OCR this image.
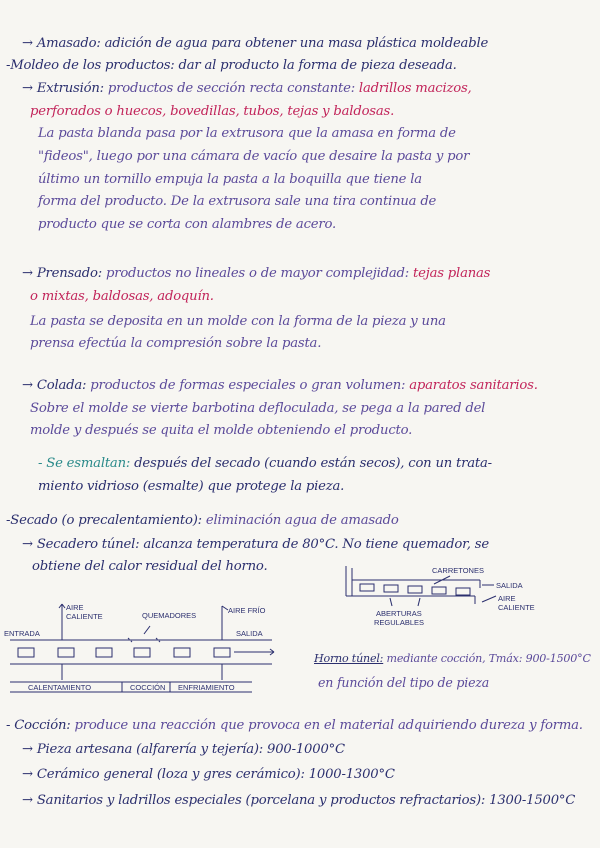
→ Amasado: adición de agua para obtener una masa plástica moldeable
-Moldeo de los productos: dar al producto la forma de pieza deseada.
→ Extrusión: productos de sección recta constante: ladrillos macizos,
perforados o huecos, bovedillas, tubos, tejas y baldosas.
La pasta blanda pasa por la extrusora que la amasa en forma de
"fideos", luego por una cámara de vacío que desaire la pasta y por
último un tornillo empuja la pasta a la boquilla que tiene la
forma del producto. De la extrusora sale una tira continua de
producto que se corta con alambres de acero.
→ Prensado: productos no lineales o de mayor complejidad: tejas planas
o mixtas, baldosas, adoquín.
La pasta se deposita en un molde con la forma de la pieza y una
prensa efectúa la compresión sobre la pasta.
→ Colada: productos de formas especiales o gran volumen: aparatos sanitarios.
Sobre el molde se vierte barbotina defloculada, se pega a la pared del
molde y después se quita el molde obteniendo el producto.
- Se esmaltan: después del secado (cuando están secos), con un trata-
miento vidrioso (esmalte) que protege la pieza.
-Secado (o precalentamiento): eliminación agua de amasado
→ Secadero túnel: alcanza temperatura de 80°C. No tiene quemador, se
obtiene del calor residual del horno.	CARRETONES
SALIDA
AIRE
CALIENTE
ABERTURAS
REGULABLES
AIRE
CALIENTE	QUEMADORES
AIRE FRÍO
ENTRADA	SALIDA
CALENTAMIENTO	COCCIÓN ENFRIAMIENTO
Horno túnel: mediante cocción, Tmáx: 900-1500°C
en función del tipo de pieza
- Cocción: produce una reacción que provoca en el material adquiriendo dureza y forma.
→ Pieza artesana (alfarería y tejería): 900-1000°C
→ Cerámico general (loza y gres cerámico): 1000-1300°C
→ Sanitarios y ladrillos especiales (porcelana y productos refractarios): 1300-1500°C
